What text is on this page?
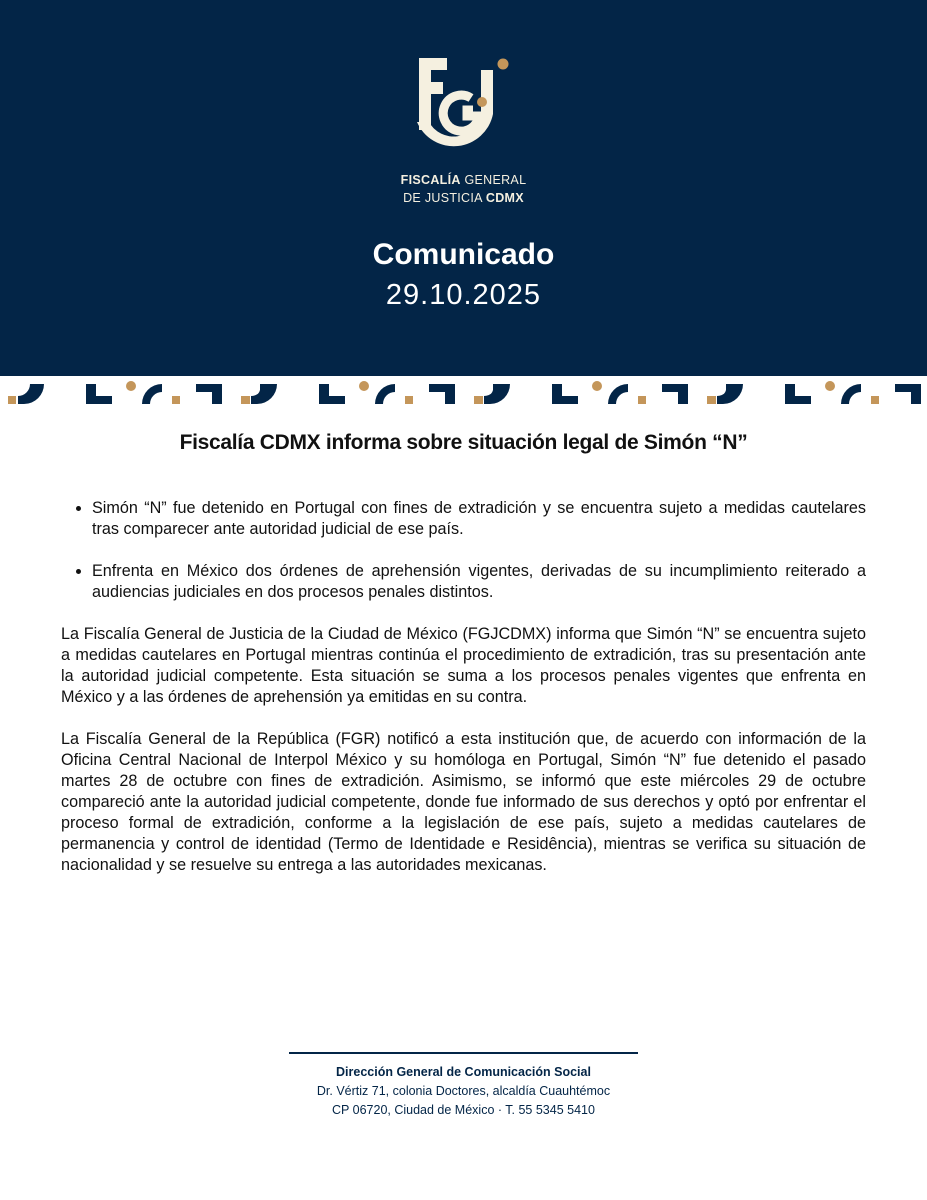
FISCALÍA GENERAL
DE JUSTICIA CDMX
Comunicado
29.10.2025
Fiscalía CDMX informa sobre situación legal de Simón “N”
• Simón “N” fue detenido en Portugal con fines de extradición y se encuentra sujeto a medidas cautelares tras comparecer ante autoridad judicial de ese país.
• Enfrenta en México dos órdenes de aprehensión vigentes, derivadas de su incumplimiento reiterado a audiencias judiciales en dos procesos penales distintos.

La Fiscalía General de Justicia de la Ciudad de México (FGJCDMX) informa que Simón “N” se encuentra sujeto a medidas cautelares en Portugal mientras continúa el procedimiento de extradición, tras su presentación ante la autoridad judicial competente. Esta situación se suma a los procesos penales vigentes que enfrenta en México y a las órdenes de aprehensión ya emitidas en su contra.

La Fiscalía General de la República (FGR) notificó a esta institución que, de acuerdo con información de la Oficina Central Nacional de Interpol México y su homóloga en Portugal, Simón “N” fue detenido el pasado martes 28 de octubre con fines de extradición. Asimismo, se informó que este miércoles 29 de octubre compareció ante la autoridad judicial competente, donde fue informado de sus derechos y optó por enfrentar el proceso formal de extradición, conforme a la legislación de ese país, sujeto a medidas cautelares de permanencia y control de identidad (Termo de Identidade e Residência), mientras se verifica su situación de nacionalidad y se resuelve su entrega a las autoridades mexicanas.

Dirección General de Comunicación Social
Dr. Vértiz 71, colonia Doctores, alcaldía Cuauhtémoc
CP 06720, Ciudad de México · T. 55 5345 5410
